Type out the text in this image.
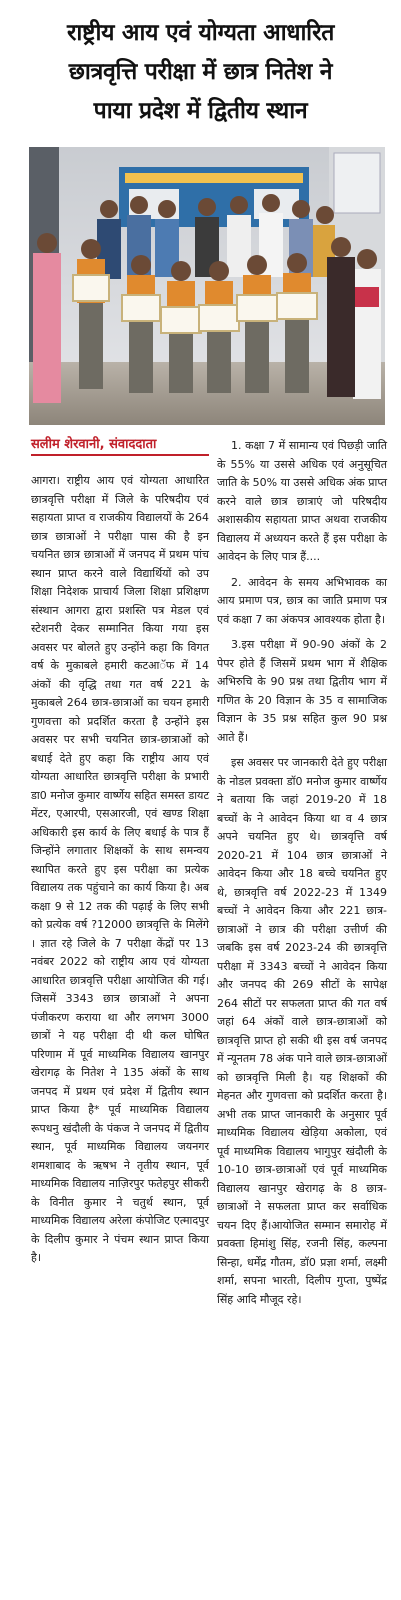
राष्ट्रीय आय एवं योग्यता आधारित
छात्रवृत्ति परीक्षा में छात्र नितेश ने
पाया प्रदेश में द्वितीय स्थान
सलीम शेरवानी, संवाददाता

आगरा। राष्ट्रीय आय एवं योग्यता आधारित छात्रवृत्ति परीक्षा में जिले के परिषदीय एवं सहायता प्राप्त व राजकीय विद्यालयों के 264 छात्र छात्राओं ने परीक्षा पास की है इन चयनित छात्र छात्राओं में जनपद में प्रथम पांच स्थान प्राप्त करने वाले विद्यार्थियों को उप शिक्षा निदेशक प्राचार्य जिला शिक्षा प्रशिक्षण संस्थान आगरा द्वारा प्रशस्ति पत्र मेडल एवं स्टेशनरी देकर सम्मानित किया गया इस अवसर पर बोलते हुए उन्होंने कहा कि विगत वर्ष के मुकाबले हमारी कटआॅफ में 14 अंकों की वृद्धि तथा गत वर्ष 221 के मुकाबले 264 छात्र-छात्राओं का चयन हमारी गुणवत्ता को प्रदर्शित करता है उन्होंने इस अवसर पर सभी चयनित छात्र-छात्राओं को बधाई देते हुए कहा कि राष्ट्रीय आय एवं योग्यता आधारित छात्रवृत्ति परीक्षा के प्रभारी डा0 मनोज कुमार वार्ष्णेय सहित समस्त डायट मेंटर, एआरपी, एसआरजी, एवं खण्ड शिक्षा अधिकारी इस कार्य के लिए बधाई के पात्र हैं जिन्होंने लगातार शिक्षकों के साथ समन्वय स्थापित करते हुए इस परीक्षा का प्रत्येक विद्यालय तक पहुंचाने का कार्य किया है। अब कक्षा 9 से 12 तक की पढ़ाई के लिए सभी को प्रत्येक वर्ष ?12000 छात्रवृत्ति के मिलेंगे । ज्ञात रहे जिले के 7 परीक्षा केंद्रों पर 13 नवंबर 2022 को राष्ट्रीय आय एवं योग्यता आधारित छात्रवृत्ति परीक्षा आयोजित की गई। जिसमें 3343 छात्र छात्राओं ने अपना पंजीकरण कराया था और लगभग 3000 छात्रों ने यह परीक्षा दी थी कल घोषित परिणाम में पूर्व माध्यमिक विद्यालय खानपुर खेरागढ़ के नितेश ने 135 अंकों के साथ जनपद में प्रथम एवं प्रदेश में द्वितीय स्थान प्राप्त किया है* पूर्व माध्यमिक विद्यालय रूपधनु खंदौली के पंकज ने जनपद में द्वितीय स्थान, पूर्व माध्यमिक विद्यालय जयनगर शमशाबाद के ऋषभ ने तृतीय स्थान, पूर्व माध्यमिक विद्यालय नाज़िरपुर फतेहपुर सीकरी के विनीत कुमार ने चतुर्थ स्थान, पूर्व माध्यमिक विद्यालय अरेला कंपोजिट एत्मादपुर के दिलीप कुमार ने पंचम स्थान प्राप्त किया है।

1. कक्षा 7 में सामान्य एवं पिछड़ी जाति के 55% या उससे अधिक एवं अनुसूचित जाति के 50% या उससे अधिक अंक प्राप्त करने वाले छात्र छात्राएं जो परिषदीय अशासकीय सहायता प्राप्त अथवा राजकीय विद्यालय में अध्ययन करते हैं इस परीक्षा के आवेदन के लिए पात्र हैं....

2. आवेदन के समय अभिभावक का आय प्रमाण पत्र, छात्र का जाति प्रमाण पत्र एवं कक्षा 7 का अंकपत्र आवश्यक होता है।

3.इस परीक्षा में 90-90 अंकों के 2 पेपर होते हैं जिसमें प्रथम भाग में शैक्षिक अभिरुचि के 90 प्रश्न तथा द्वितीय भाग में गणित के 20 विज्ञान के 35 व सामाजिक विज्ञान के 35 प्रश्न सहित कुल 90 प्रश्न आते हैं।

इस अवसर पर जानकारी देते हुए परीक्षा के नोडल प्रवक्ता डॉ0 मनोज कुमार वार्ष्णेय ने बताया कि जहां 2019-20 में 18 बच्चों के ने आवेदन किया था व 4 छात्र अपने चयनित हुए थे। छात्रवृत्ति वर्ष 2020-21 में 104 छात्र छात्राओं ने आवेदन किया और 18 बच्चे चयनित हुए थे, छात्रवृत्ति वर्ष 2022-23 में 1349 बच्चों ने आवेदन किया और 221 छात्र-छात्राओं ने छात्र की परीक्षा उत्तीर्ण की जबकि इस वर्ष 2023-24 की छात्रवृत्ति परीक्षा में 3343 बच्चों ने आवेदन किया और जनपद की 269 सीटों के सापेक्ष 264 सीटों पर सफलता प्राप्त की गत वर्ष जहां 64 अंकों वाले छात्र-छात्राओं को छात्रवृत्ति प्राप्त हो सकी थी इस वर्ष जनपद में न्यूनतम 78 अंक पाने वाले छात्र-छात्राओं को छात्रवृत्ति मिली है। यह शिक्षकों की मेहनत और गुणवत्ता को प्रदर्शित करता है। अभी तक प्राप्त जानकारी के अनुसार पूर्व माध्यमिक विद्यालय खेड़िया अकोला, एवं पूर्व माध्यमिक विद्यालय भागुपुर खंदौली के 10-10 छात्र-छात्राओं एवं पूर्व माध्यमिक विद्यालय खानपुर खेरागढ़ के 8 छात्र-छात्राओं ने सफलता प्राप्त कर सर्वाधिक चयन दिए हैं।आयोजित सम्मान समारोह में प्रवक्ता हिमांशु सिंह, रजनी सिंह, कल्पना सिन्हा, धर्मेंद्र गौतम, डॉ0 प्रज्ञा शर्मा, लक्ष्मी शर्मा, सपना भारती, दिलीप गुप्ता, पुष्पेंद्र सिंह आदि मौजूद रहे।
